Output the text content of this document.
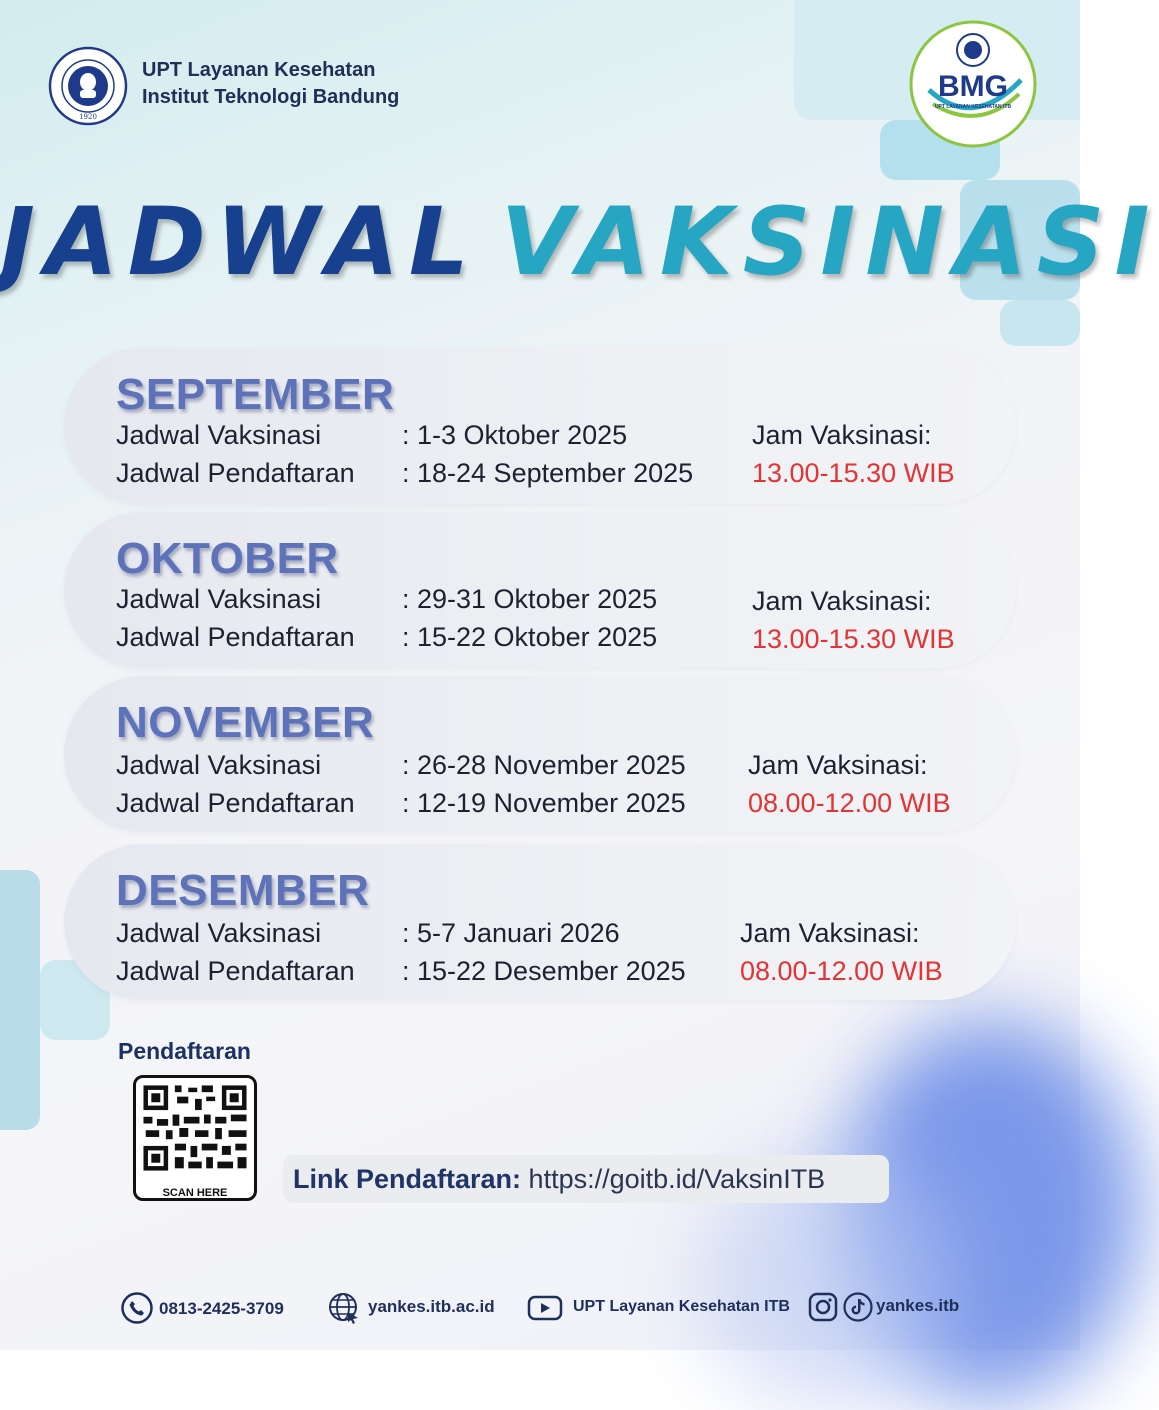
1920
UPT Layanan Kesehatan
Institut Teknologi Bandung	BMG
UPT LAYANAN KESEHATAN ITB
JADWAL VAKSINASI
SEPTEMBER
Jadwal Vaksinasi	: 1-3 Oktober 2025
Jadwal Pendaftaran : 18-24 September 2025
Jam Vaksinasi:
13.00-15.30 WIB
OKTOBER
Jadwal Vaksinasi	: 29-31 Oktober 2025
Jadwal Pendaftaran : 15-22 Oktober 2025
Jam Vaksinasi:
13.00-15.30 WIB
NOVEMBER
Jadwal Vaksinasi	: 26-28 November 2025
Jadwal Pendaftaran : 12-19 November 2025
Jam Vaksinasi:
08.00-12.00 WIB
DESEMBER
Jadwal Vaksinasi	: 5-7 Januari 2026
Jadwal Pendaftaran : 15-22 Desember 2025
Jam Vaksinasi:
08.00-12.00 WIB
Pendaftaran
SCAN HERE	Link Pendaftaran: https://goitb.id/VaksinITB
0813-2425-3709	yankes.itb.ac.id	UPT Layanan Kesehatan ITB	yankes.itb
